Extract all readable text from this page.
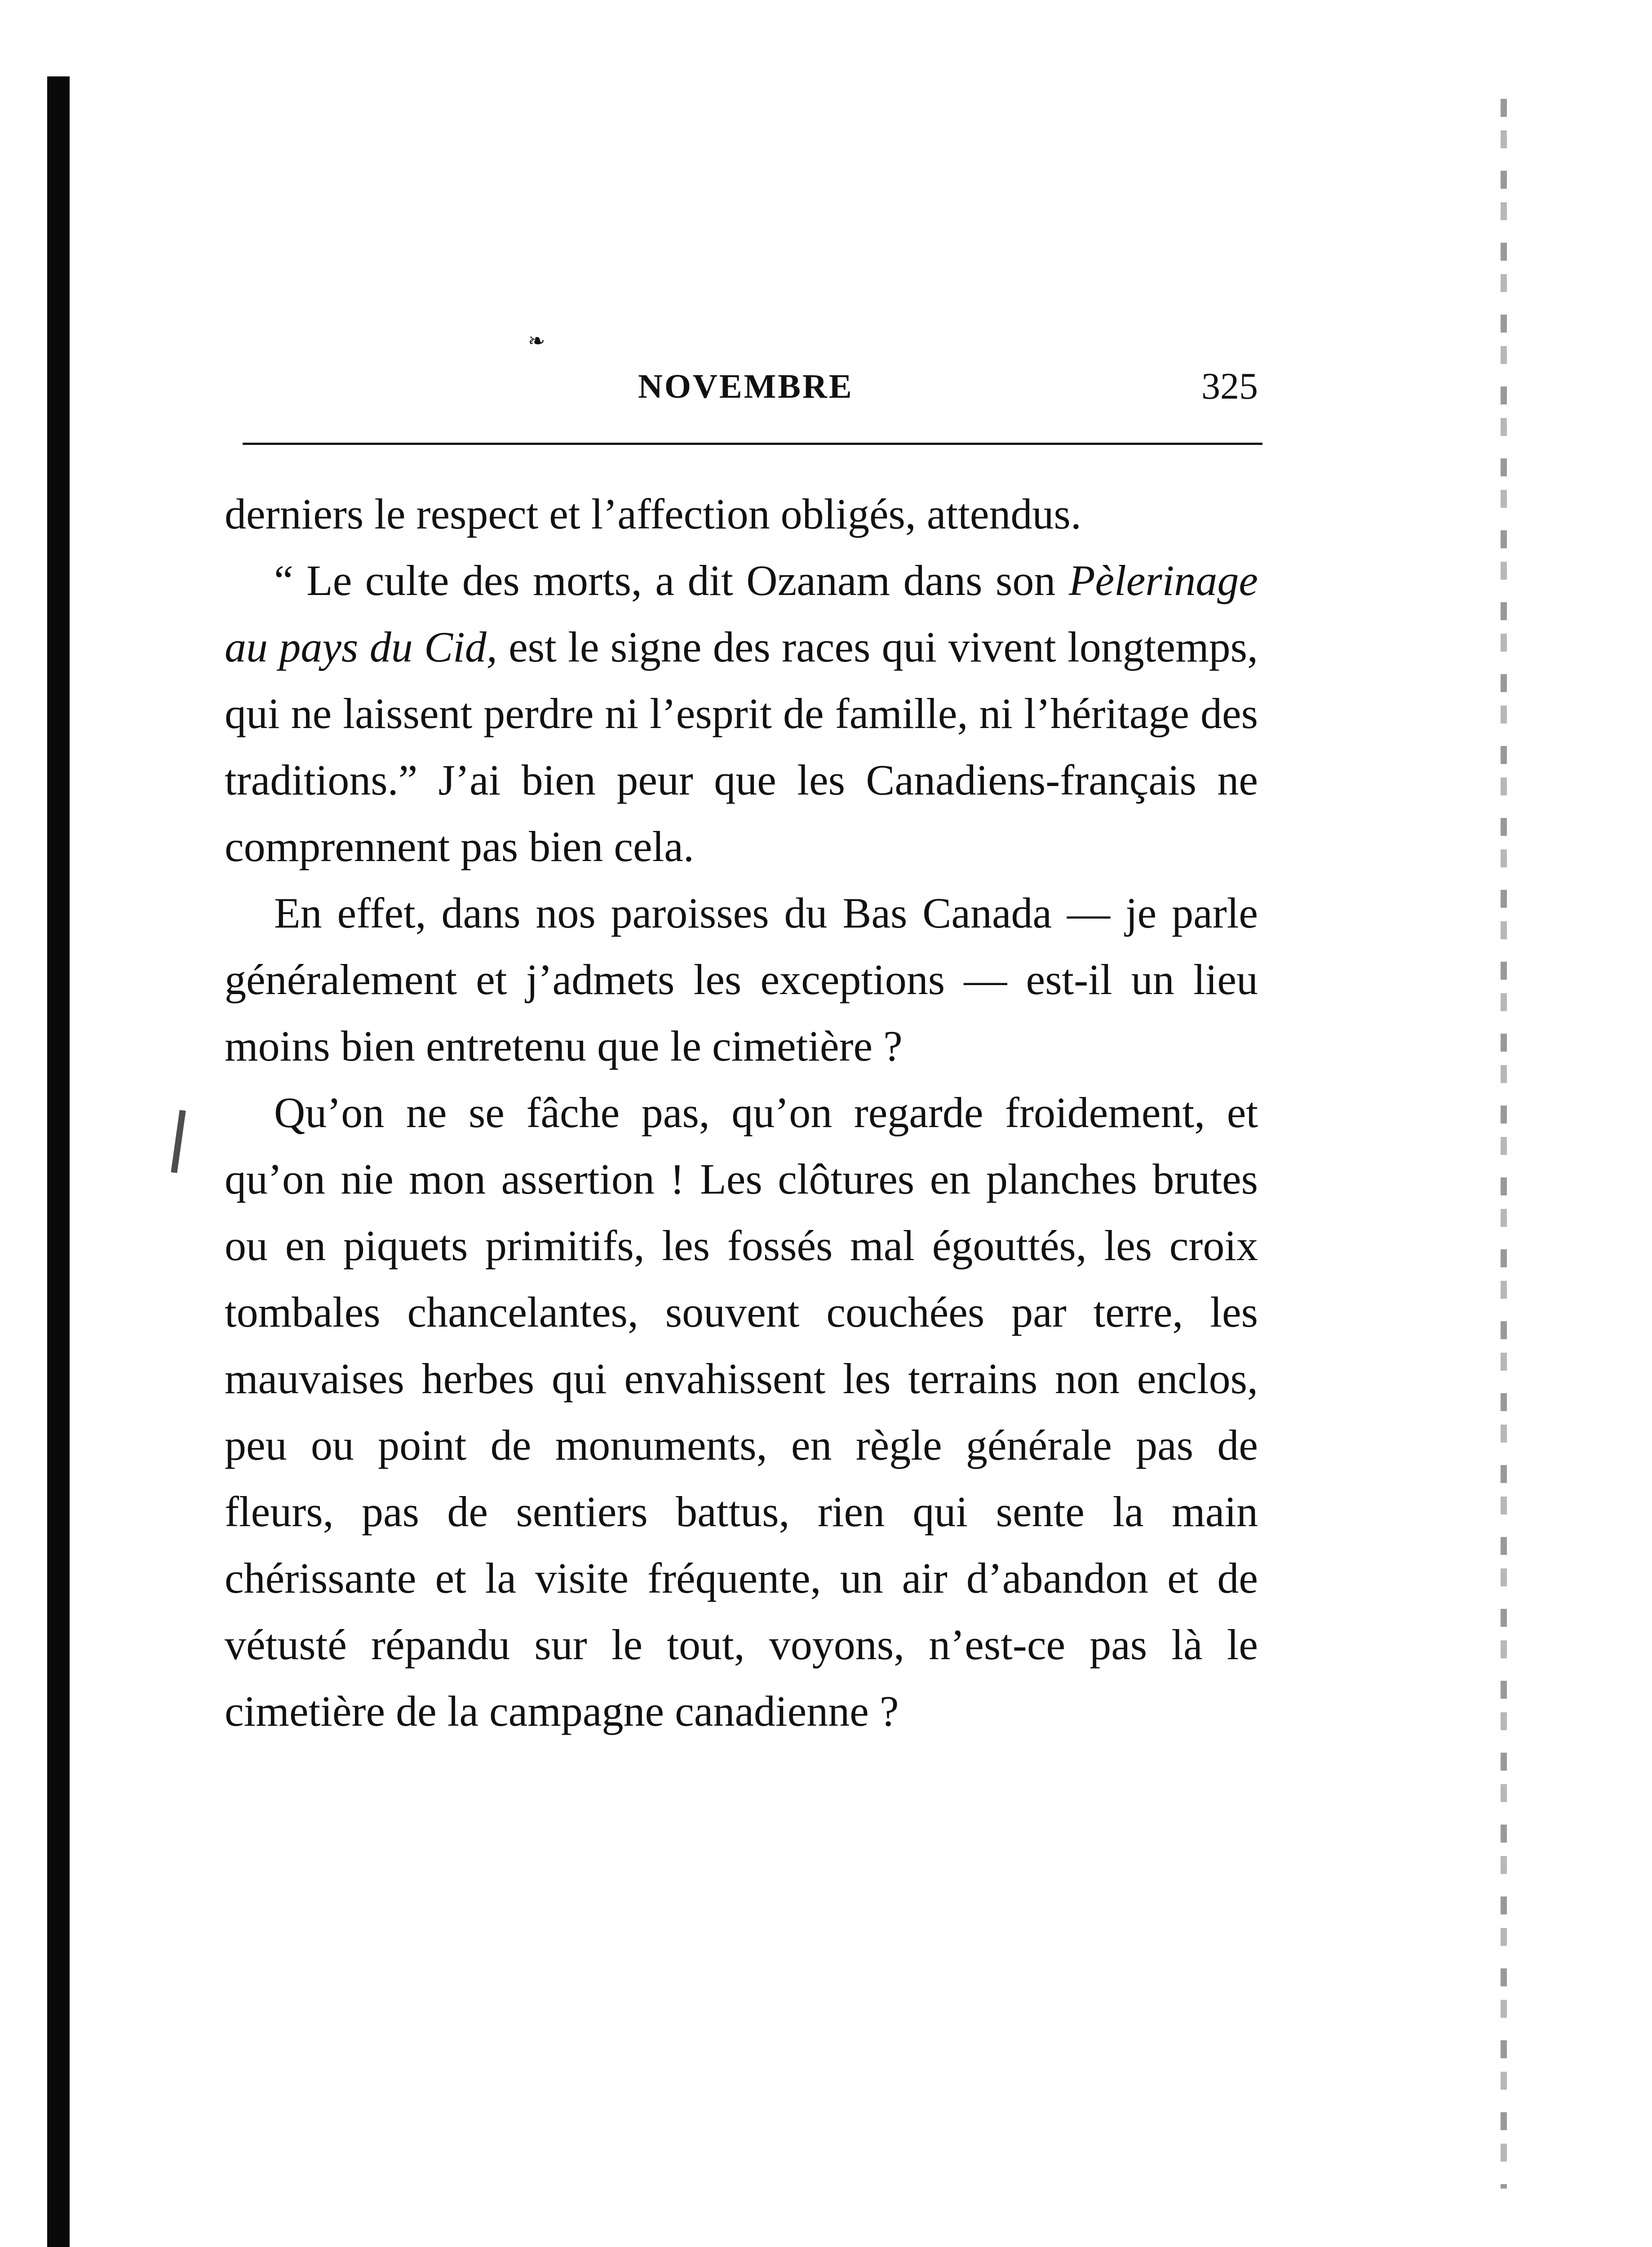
❧
NOVEMBRE	325

derniers le respect et l’affection obligés, attendus.

“ Le culte des morts, a dit Ozanam dans son Pèlerinage au pays du Cid, est le signe des races qui vivent longtemps, qui ne laissent perdre ni l’esprit de famille, ni l’héritage des traditions.” J’ai bien peur que les Canadiens-français ne comprennent pas bien cela.

En effet, dans nos paroisses du Bas Canada — je parle généralement et j’admets les exceptions — est-il un lieu moins bien entretenu que le cimetière ?

Qu’on ne se fâche pas, qu’on regarde froidement, et qu’on nie mon assertion ! Les clôtures en planches brutes ou en piquets primitifs, les fossés mal égouttés, les croix tombales chancelantes, souvent couchées par terre, les mauvaises herbes qui envahissent les terrains non enclos, peu ou point de monuments, en règle générale pas de fleurs, pas de sentiers battus, rien qui sente la main chérissante et la visite fréquente, un air d’abandon et de vétusté répandu sur le tout, voyons, n’est-ce pas là le cimetière de la campagne canadienne ?
